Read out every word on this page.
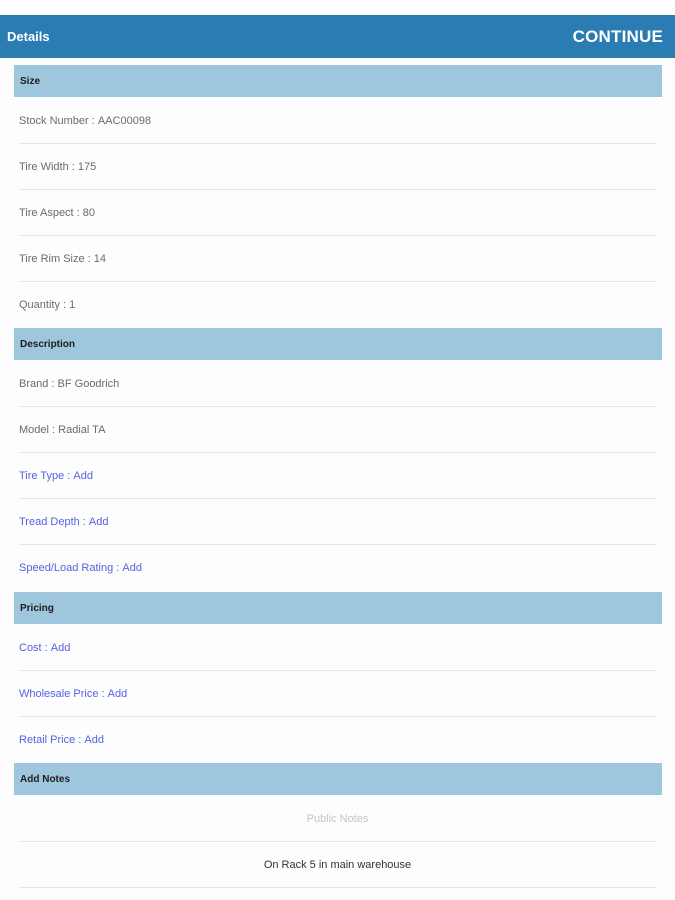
Details	CONTINUE
Size
Stock Number : AAC00098
Tire Width : 175
Tire Aspect : 80
Tire Rim Size : 14
Quantity : 1
Description
Brand : BF Goodrich
Model : Radial TA
Tire Type : Add
Tread Depth : Add
Speed/Load Rating : Add
Pricing
Cost : Add
Wholesale Price : Add
Retail Price : Add
Add Notes
Public Notes
On Rack 5 in main warehouse
